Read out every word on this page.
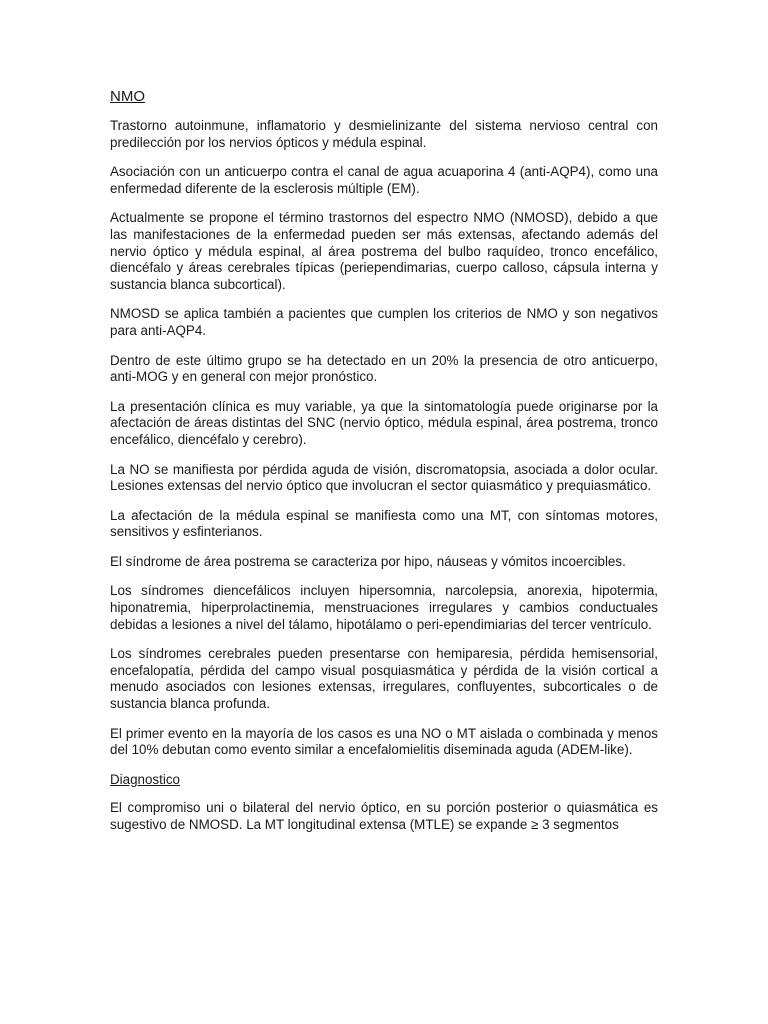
NMO

Trastorno autoinmune, inflamatorio y desmielinizante del sistema nervioso central con predilección por los nervios ópticos y médula espinal.

Asociación con un anticuerpo contra el canal de agua acuaporina 4 (anti-AQP4), como una enfermedad diferente de la esclerosis múltiple (EM).

Actualmente se propone el término trastornos del espectro NMO (NMOSD), debido a que las manifestaciones de la enfermedad pueden ser más extensas, afectando además del nervio óptico y médula espinal, al área postrema del bulbo raquídeo, tronco encefálico, diencéfalo y áreas cerebrales típicas (periependimarias, cuerpo calloso, cápsula interna y sustancia blanca subcortical).

NMOSD se aplica también a pacientes que cumplen los criterios de NMO y son negativos para anti-AQP4.

Dentro de este último grupo se ha detectado en un 20% la presencia de otro anticuerpo, anti-MOG y en general con mejor pronóstico.

La presentación clínica es muy variable, ya que la sintomatología puede originarse por la afectación de áreas distintas del SNC (nervio óptico, médula espinal, área postrema, tronco encefálico, diencéfalo y cerebro).

La NO se manifiesta por pérdida aguda de visión, discromatopsia, asociada a dolor ocular. Lesiones extensas del nervio óptico que involucran el sector quiasmático y prequiasmático.

La afectación de la médula espinal se manifiesta como una MT, con síntomas motores, sensitivos y esfinterianos.

El síndrome de área postrema se caracteriza por hipo, náuseas y vómitos incoercibles.

Los síndromes diencefálicos incluyen hipersomnia, narcolepsia, anorexia, hipotermia, hiponatremia, hiperprolactinemia, menstruaciones irregulares y cambios conductuales debidas a lesiones a nivel del tálamo, hipotálamo o peri-ependimiarias del tercer ventrículo.

Los síndromes cerebrales pueden presentarse con hemiparesia, pérdida hemisensorial, encefalopatía, pérdida del campo visual posquiasmática y pérdida de la visión cortical a menudo asociados con lesiones extensas, irregulares, confluyentes, subcorticales o de sustancia blanca profunda.

El primer evento en la mayoría de los casos es una NO o MT aislada o combinada y menos del 10% debutan como evento similar a encefalomielitis diseminada aguda (ADEM-like).

Diagnostico

El compromiso uni o bilateral del nervio óptico, en su porción posterior o quiasmática es sugestivo de NMOSD. La MT longitudinal extensa (MTLE) se expande ≥ 3 segmentos
